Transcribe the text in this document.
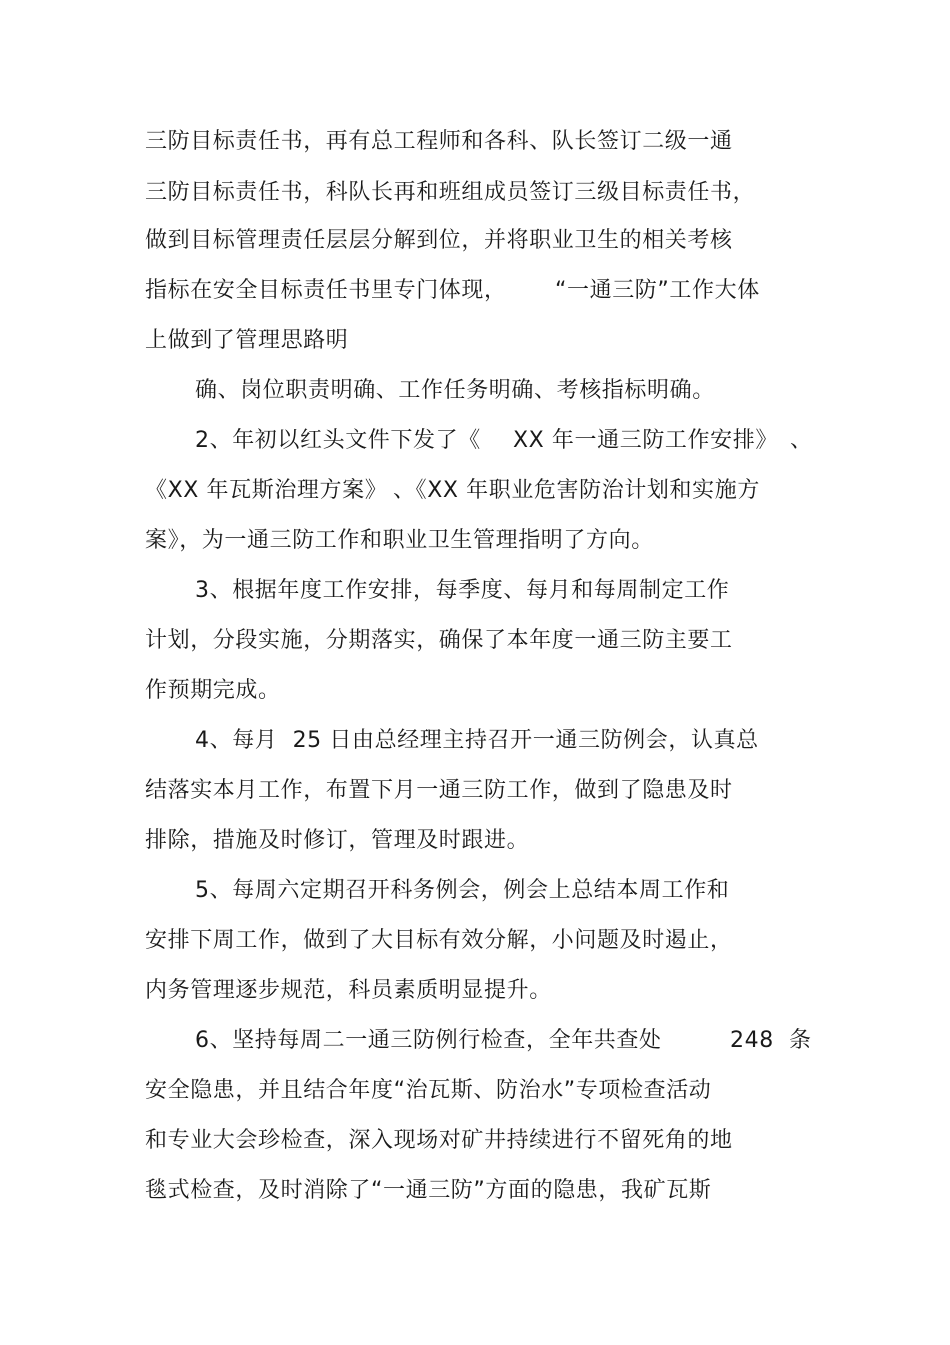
三防目标责任书，再有总工程师和各科、队长签订二级一通

三防目标责任书，科队长再和班组成员签订三级目标责任书，

做到目标管理责任层层分解到位，并将职业卫生的相关考核

指标在安全目标责任书里专门体现， “一通三防”工作大体

上做到了管理思路明

确、岗位职责明确、工作任务明确、考核指标明确。

2、年初以红头文件下发了《 XX 年一通三防工作安排》 、

《XX 年瓦斯治理方案》 、《XX 年职业危害防治计划和实施方

案》，为一通三防工作和职业卫生管理指明了方向。

3、根据年度工作安排，每季度、每月和每周制定工作

计划，分段实施，分期落实，确保了本年度一通三防主要工

作预期完成。

4、每月  25 日由总经理主持召开一通三防例会，认真总

结落实本月工作，布置下月一通三防工作，做到了隐患及时

排除，措施及时修订，管理及时跟进。

5、每周六定期召开科务例会，例会上总结本周工作和

安排下周工作，做到了大目标有效分解，小问题及时遏止，

内务管理逐步规范，科员素质明显提升。

6、坚持每周二一通三防例行检查，全年共查处	248  条

安全隐患，并且结合年度“治瓦斯、防治水”专项检查活动

和专业大会珍检查，深入现场对矿井持续进行不留死角的地

毯式检查，及时消除了“一通三防”方面的隐患，我矿瓦斯
